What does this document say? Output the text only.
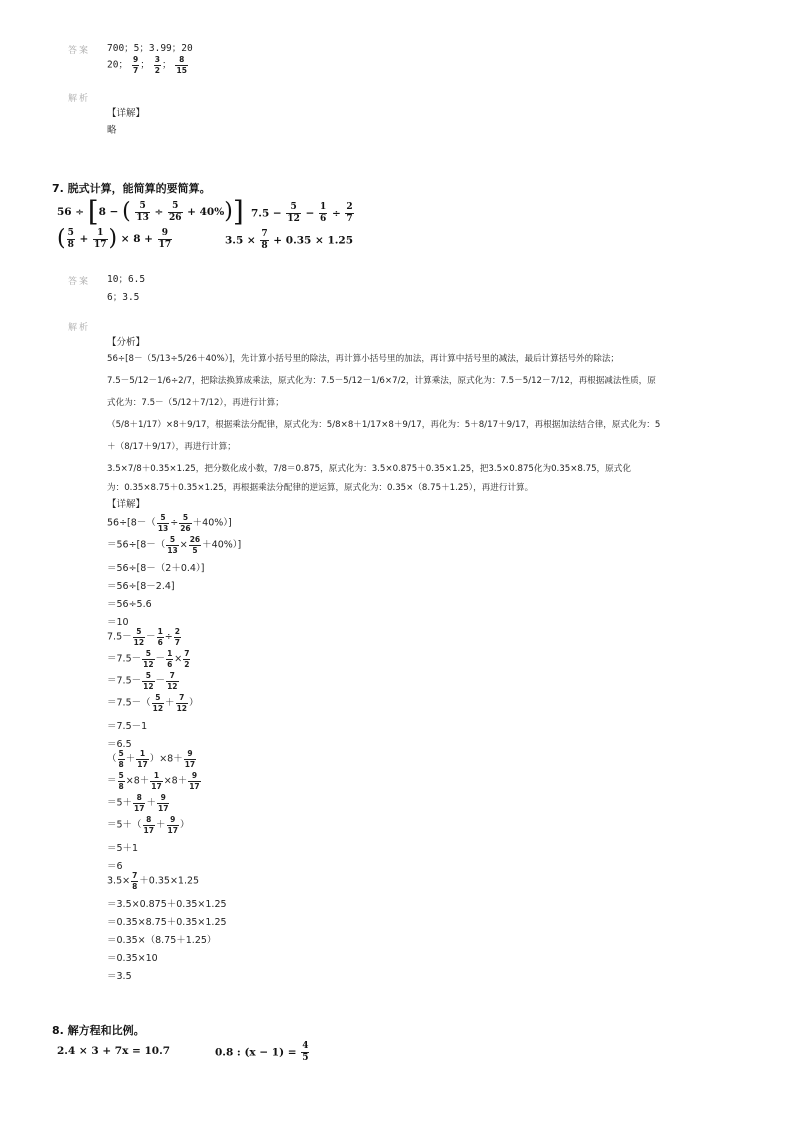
答案 700；5；3.99；20
20； $\frac{9}{7}$ ； $\frac{3}{2}$ ； $\frac{8}{15}$
解析
【详解】
略
7. 脱式计算，能简算的要简算。
56 ÷ [8 − ( $\frac{5}{13} \div \frac{5}{26} + 40\%$)] $7.5 - \frac{5}{12} - \frac{1}{6} \div \frac{2}{7}$
( $\frac{5}{8} + \frac{1}{17}$ ) × $8 + \frac{9}{17}$	$3.5 \times \frac{7}{8} + 0.35 \times 1.25$
答案 10；6.5
6；3.5
解析
【分析】
56÷[8－（5/13÷5/26＋40%）]，先计算小括号里的除法，再计算小括号里的加法，再计算中括号里的减法，最后计算括号外的除法；
7.5－5/12－1/6÷2/7，把除法换算成乘法，原式化为：7.5－5/12－1/6×7/2，计算乘法，原式化为：7.5－5/12－7/12，再根据减法性质，原
式化为：7.5－（5/12＋7/12），再进行计算；
（5/8＋1/17）×8＋9/17，根据乘法分配律，原式化为：5/8×8＋1/17×8＋9/17，再化为：5＋8/17＋9/17，再根据加法结合律，原式化为：5
＋（8/17＋9/17），再进行计算；
3.5×7/8＋0.35×1.25，把分数化成小数，7/8＝0.875，原式化为：3.5×0.875＋0.35×1.25，把3.5×0.875化为0.35×8.75，原式化
为：0.35×8.75＋0.35×1.25，再根据乘法分配律的逆运算，原式化为：0.35×（8.75＋1.25），再进行计算。
【详解】
$56\div[8-( \frac{5}{13} \div \frac{5}{26} +40\%)]$
$=56\div[8-( \frac{5}{13} \times \frac{26}{5} +40\%)]$
＝56÷[8－（2＋0.4）]
＝56÷[8－2.4]
＝56÷5.6
＝10
$7.5- \frac{5}{12} - \frac{1}{6} \div \frac{2}{7}$
$=7.5- \frac{5}{12} - \frac{1}{6} \times \frac{7}{2}$
$=7.5- \frac{5}{12} - \frac{7}{12}$
$=7.5-( \frac{5}{12} + \frac{7}{12}$ ）
＝7.5－1
＝6.5
（ $\frac{5}{8} + \frac{1}{17} )\times 8+ \frac{9}{17}$
＝ $\frac{5}{8} \times 8+ \frac{1}{17} \times 8+ \frac{9}{17}$
$=5+ \frac{8}{17} + \frac{9}{17}$
$=5+( \frac{8}{17} + \frac{9}{17}$ ）
＝5＋1
＝6
$3.5\times \frac{7}{8} +0.35\times 1.25$
＝3.5×0.875＋0.35×1.25
＝0.35×8.75＋0.35×1.25
＝0.35×（8.75＋1.25）
＝0.35×10
＝3.5
8. 解方程和比例。
2.4 × 3 + 7x = 10.7	0.8 : $(x - 1) = \frac{4}{5}$
